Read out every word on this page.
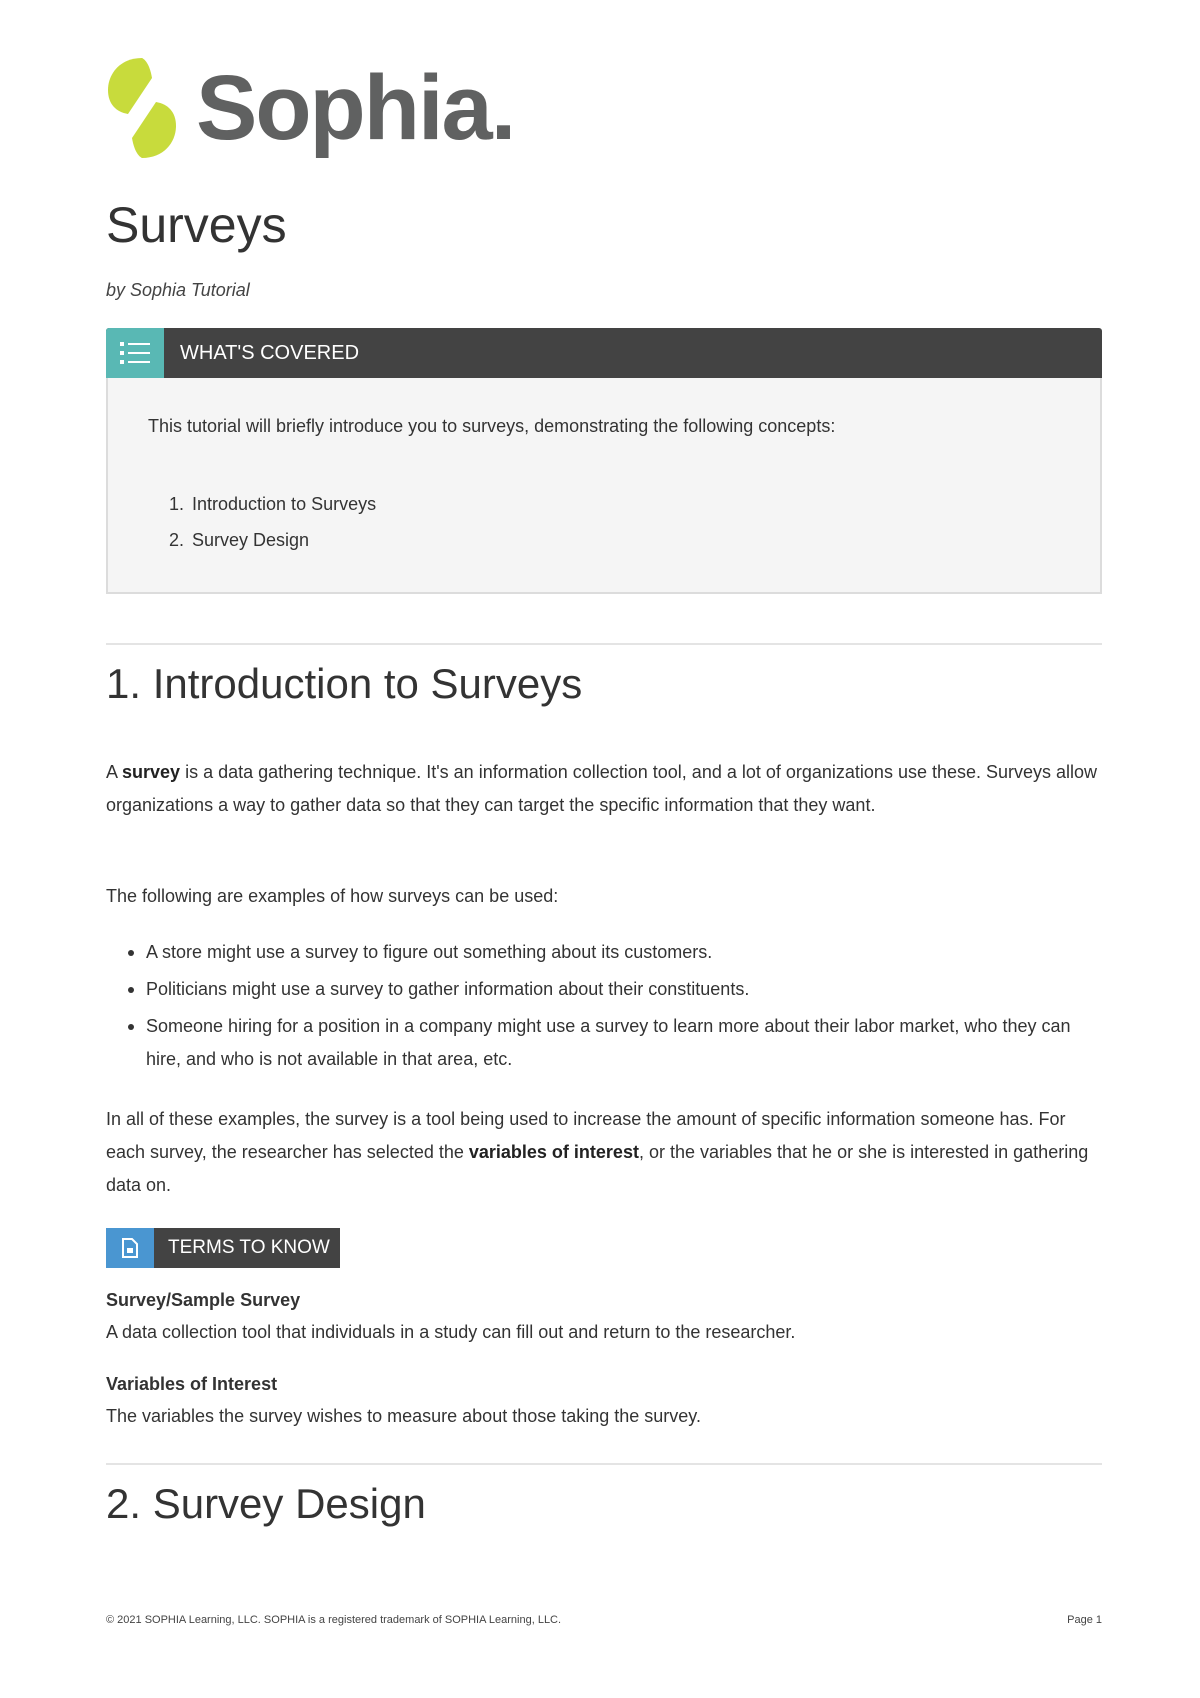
Sophia.
Surveys
by Sophia Tutorial
WHAT'S COVERED
This tutorial will briefly introduce you to surveys, demonstrating the following concepts:
1. Introduction to Surveys
2. Survey Design
1. Introduction to Surveys

A survey is a data gathering technique. It's an information collection tool, and a lot of organizations use these. Surveys allow organizations a way to gather data so that they can target the specific information that they want.

The following are examples of how surveys can be used:

A store might use a survey to figure out something about its customers.
Politicians might use a survey to gather information about their constituents.
Someone hiring for a position in a company might use a survey to learn more about their labor market, who they can hire, and who is not available in that area, etc.

In all of these examples, the survey is a tool being used to increase the amount of specific information someone has. For each survey, the researcher has selected the variables of interest, or the variables that he or she is interested in gathering data on.

TERMS TO KNOW
Survey/Sample Survey
A data collection tool that individuals in a study can fill out and return to the researcher.
Variables of Interest
The variables the survey wishes to measure about those taking the survey.
2. Survey Design
© 2021 SOPHIA Learning, LLC. SOPHIA is a registered trademark of SOPHIA Learning, LLC.	Page 1
